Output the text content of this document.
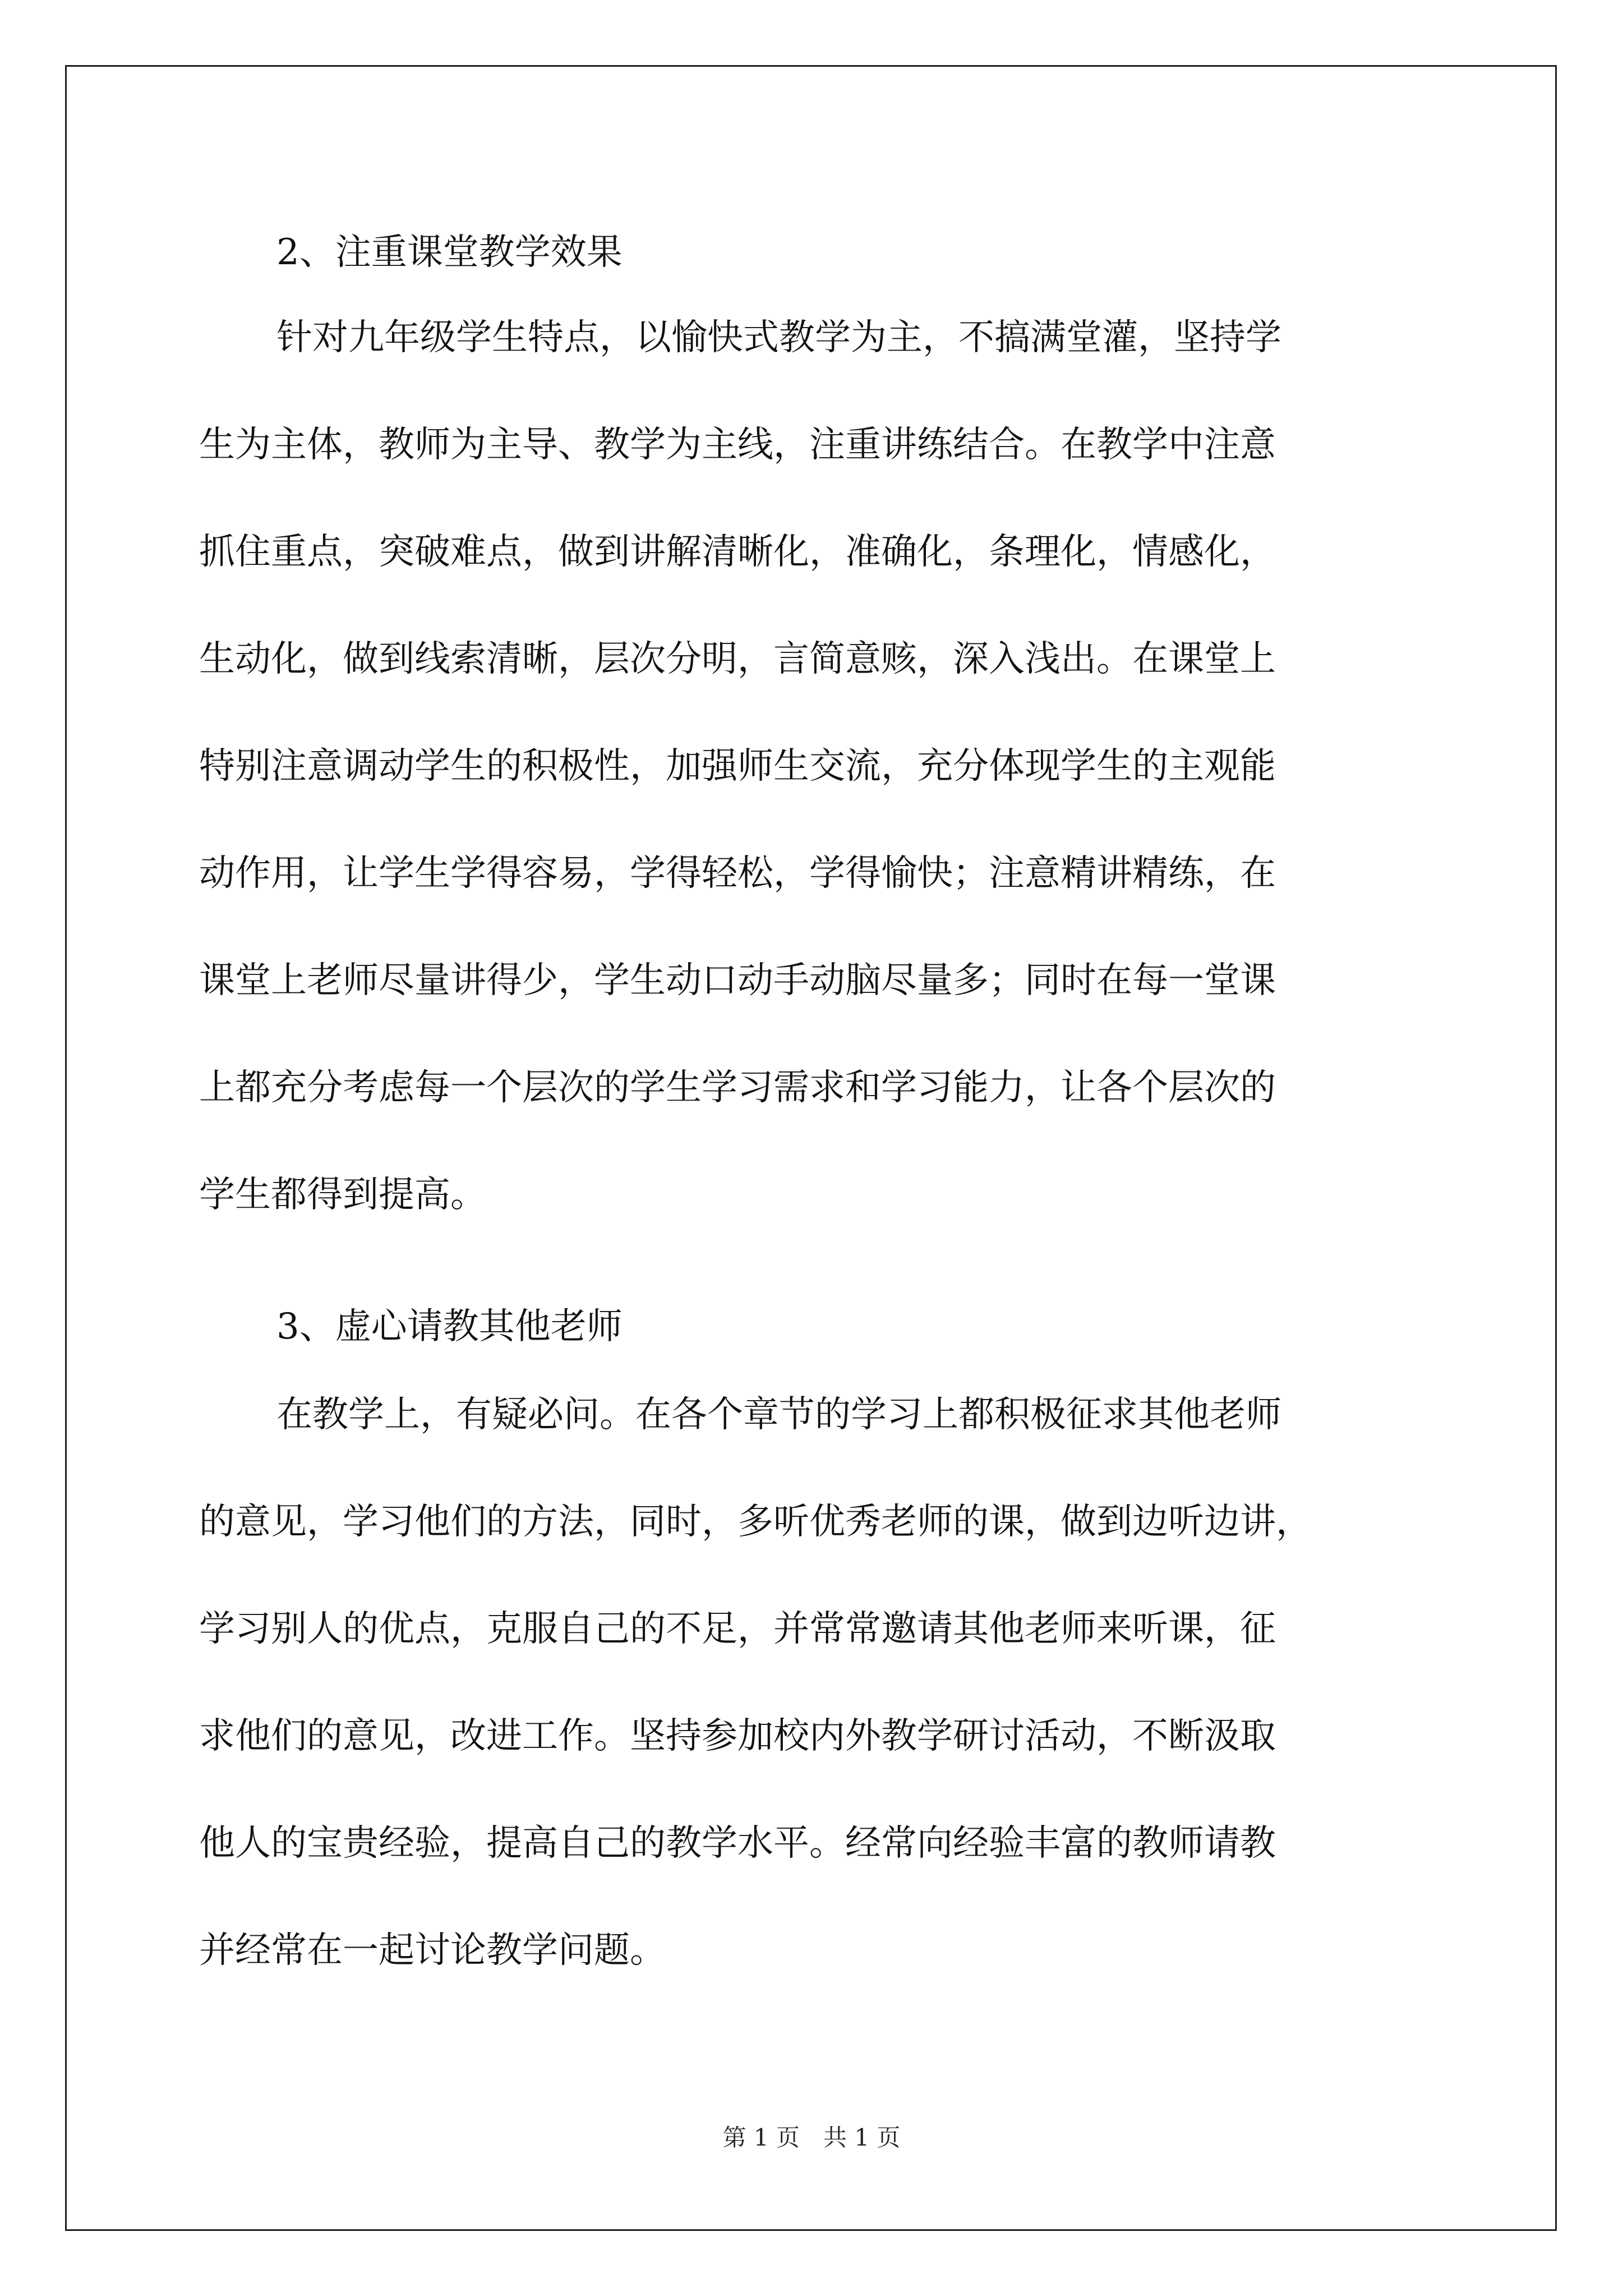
2、注重课堂教学效果
针对九年级学生特点，以愉快式教学为主，不搞满堂灌，坚持学
生为主体，教师为主导、教学为主线，注重讲练结合。在教学中注意
抓住重点，突破难点，做到讲解清晰化，准确化，条理化，情感化，
生动化，做到线索清晰，层次分明，言简意赅，深入浅出。在课堂上
特别注意调动学生的积极性，加强师生交流，充分体现学生的主观能
动作用，让学生学得容易，学得轻松，学得愉快；注意精讲精练，在
课堂上老师尽量讲得少，学生动口动手动脑尽量多；同时在每一堂课
上都充分考虑每一个层次的学生学习需求和学习能力，让各个层次的
学生都得到提高。
3、虚心请教其他老师
在教学上，有疑必问。在各个章节的学习上都积极征求其他老师
的意见，学习他们的方法，同时，多听优秀老师的课，做到边听边讲，
学习别人的优点，克服自己的不足，并常常邀请其他老师来听课，征
求他们的意见，改进工作。坚持参加校内外教学研讨活动，不断汲取
他人的宝贵经验，提高自己的教学水平。经常向经验丰富的教师请教
并经常在一起讨论教学问题。
第 1 页　共 1 页
